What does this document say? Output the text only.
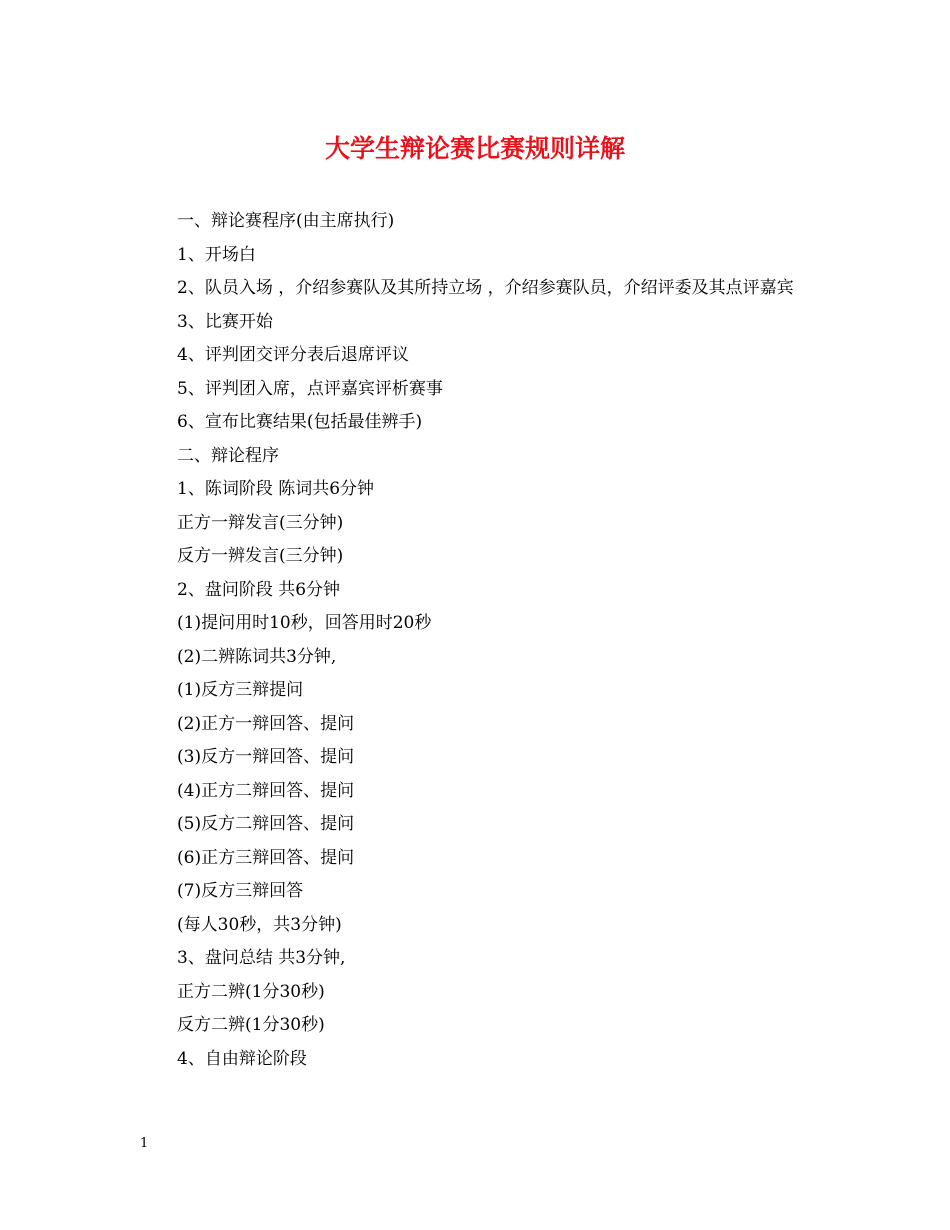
大学生辩论赛比赛规则详解

一、辩论赛程序(由主席执行)

1、开场白

2、队员入场 ，介绍参赛队及其所持立场 ，介绍参赛队员，介绍评委及其点评嘉宾

3、比赛开始

4、评判团交评分表后退席评议

5、评判团入席，点评嘉宾评析赛事

6、宣布比赛结果(包括最佳辨手)

二、辩论程序

1、陈词阶段 陈词共6分钟

正方一辩发言(三分钟)

反方一辨发言(三分钟)

2、盘问阶段 共6分钟

(1)提问用时10秒，回答用时20秒

(2)二辨陈词共3分钟,

(1)反方三辩提问

(2)正方一辩回答、提问

(3)反方一辩回答、提问

(4)正方二辩回答、提问

(5)反方二辩回答、提问

(6)正方三辩回答、提问

(7)反方三辩回答

(每人30秒，共3分钟)

3、盘问总结 共3分钟,

正方二辨(1分30秒)

反方二辨(1分30秒)

4、自由辩论阶段

1
